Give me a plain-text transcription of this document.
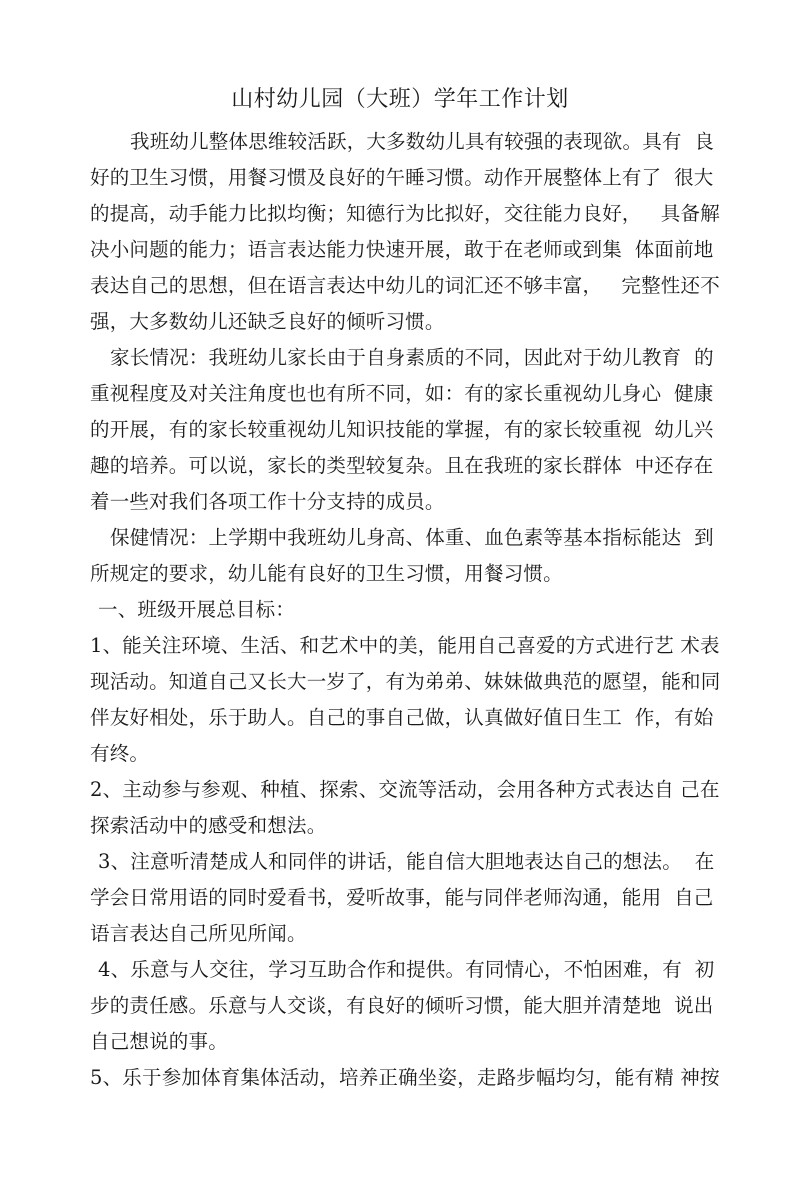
山村幼儿园（大班）学年工作计划
我班幼儿整体思维较活跃，大多数幼儿具有较强的表现欲。具有  良
好的卫生习惯，用餐习惯及良好的午睡习惯。动作开展整体上有了  很大
的提高，动手能力比拟均衡；知德行为比拟好，交往能力良好，   具备解
决小问题的能力；语言表达能力快速开展，敢于在老师或到集  体面前地
表达自己的思想，但在语言表达中幼儿的词汇还不够丰富，   完整性还不
强，大多数幼儿还缺乏良好的倾听习惯。
家长情况：我班幼儿家长由于自身素质的不同，因此对于幼儿教育  的
重视程度及对关注角度也也有所不同，如：有的家长重视幼儿身心  健康
的开展，有的家长较重视幼儿知识技能的掌握，有的家长较重视  幼儿兴
趣的培养。可以说，家长的类型较复杂。且在我班的家长群体  中还存在
着一些对我们各项工作十分支持的成员。
保健情况：上学期中我班幼儿身高、体重、血色素等基本指标能达  到
所规定的要求，幼儿能有良好的卫生习惯，用餐习惯。
一、班级开展总目标：
1、能关注环境、生活、和艺术中的美，能用自己喜爱的方式进行艺 术表
现活动。知道自己又长大一岁了，有为弟弟、妹妹做典范的愿望，能和同
伴友好相处，乐于助人。自己的事自己做，认真做好值日生工  作，有始
有终。
2、主动参与参观、种植、探索、交流等活动，会用各种方式表达自 己在
探索活动中的感受和想法。
3、注意听清楚成人和同伴的讲话，能自信大胆地表达自己的想法。  在
学会日常用语的同时爱看书，爱听故事，能与同伴老师沟通，能用  自己
语言表达自己所见所闻。
4、乐意与人交往，学习互助合作和提供。有同情心，不怕困难，有  初
步的责任感。乐意与人交谈，有良好的倾听习惯，能大胆并清楚地  说出
自己想说的事。
5、乐于参加体育集体活动，培养正确坐姿，走路步幅均匀，能有精 神按
